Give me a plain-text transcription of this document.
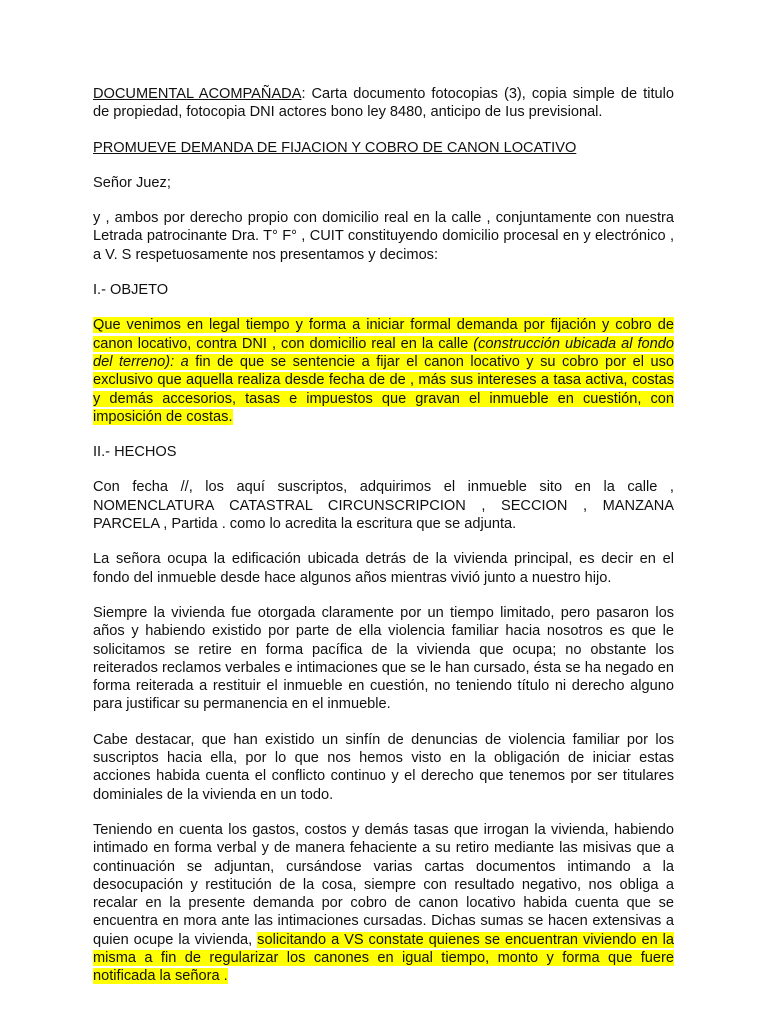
DOCUMENTAL ACOMPAÑADA: Carta documento fotocopias (3), copia simple de titulo de propiedad, fotocopia DNI actores bono ley 8480, anticipo de Ius previsional.

PROMUEVE DEMANDA DE FIJACION Y COBRO DE CANON LOCATIVO

Señor Juez;

y , ambos por derecho propio con domicilio real en la calle , conjuntamente con nuestra Letrada patrocinante Dra. T° F° , CUIT constituyendo domicilio procesal en y electrónico , a V. S respetuosamente nos presentamos y decimos:

I.- OBJETO

Que venimos en legal tiempo y forma a iniciar formal demanda por fijación y cobro de canon locativo, contra DNI , con domicilio real en la calle (construcción ubicada al fondo del terreno): a fin de que se sentencie a fijar el canon locativo y su cobro por el uso exclusivo que aquella realiza desde fecha de de , más sus intereses a tasa activa, costas y demás accesorios, tasas e impuestos que gravan el inmueble en cuestión, con imposición de costas.

II.- HECHOS

Con fecha //, los aquí suscriptos, adquirimos el inmueble sito en la calle , NOMENCLATURA CATASTRAL CIRCUNSCRIPCION , SECCION , MANZANA PARCELA , Partida . como lo acredita la escritura que se adjunta.

La señora ocupa la edificación ubicada detrás de la vivienda principal, es decir en el fondo del inmueble desde hace algunos años mientras vivió junto a nuestro hijo.

Siempre la vivienda fue otorgada claramente por un tiempo limitado, pero pasaron los años y habiendo existido por parte de ella violencia familiar hacia nosotros es que le solicitamos se retire en forma pacífica de la vivienda que ocupa; no obstante los reiterados reclamos verbales e intimaciones que se le han cursado, ésta se ha negado en forma reiterada a restituir el inmueble en cuestión, no teniendo título ni derecho alguno para justificar su permanencia en el inmueble.

Cabe destacar, que han existido un sinfín de denuncias de violencia familiar por los suscriptos hacia ella, por lo que nos hemos visto en la obligación de iniciar estas acciones habida cuenta el conflicto continuo y el derecho que tenemos por ser titulares dominiales de la vivienda en un todo.

Teniendo en cuenta los gastos, costos y demás tasas que irrogan la vivienda, habiendo intimado en forma verbal y de manera fehaciente a su retiro mediante las misivas que a continuación se adjuntan, cursándose varias cartas documentos intimando a la desocupación y restitución de la cosa, siempre con resultado negativo, nos obliga a recalar en la presente demanda por cobro de canon locativo habida cuenta que se encuentra en mora ante las intimaciones cursadas. Dichas sumas se hacen extensivas a quien ocupe la vivienda, solicitando a VS constate quienes se encuentran viviendo en la misma a fin de regularizar los canones en igual tiempo, monto y forma que fuere notificada la señora .
